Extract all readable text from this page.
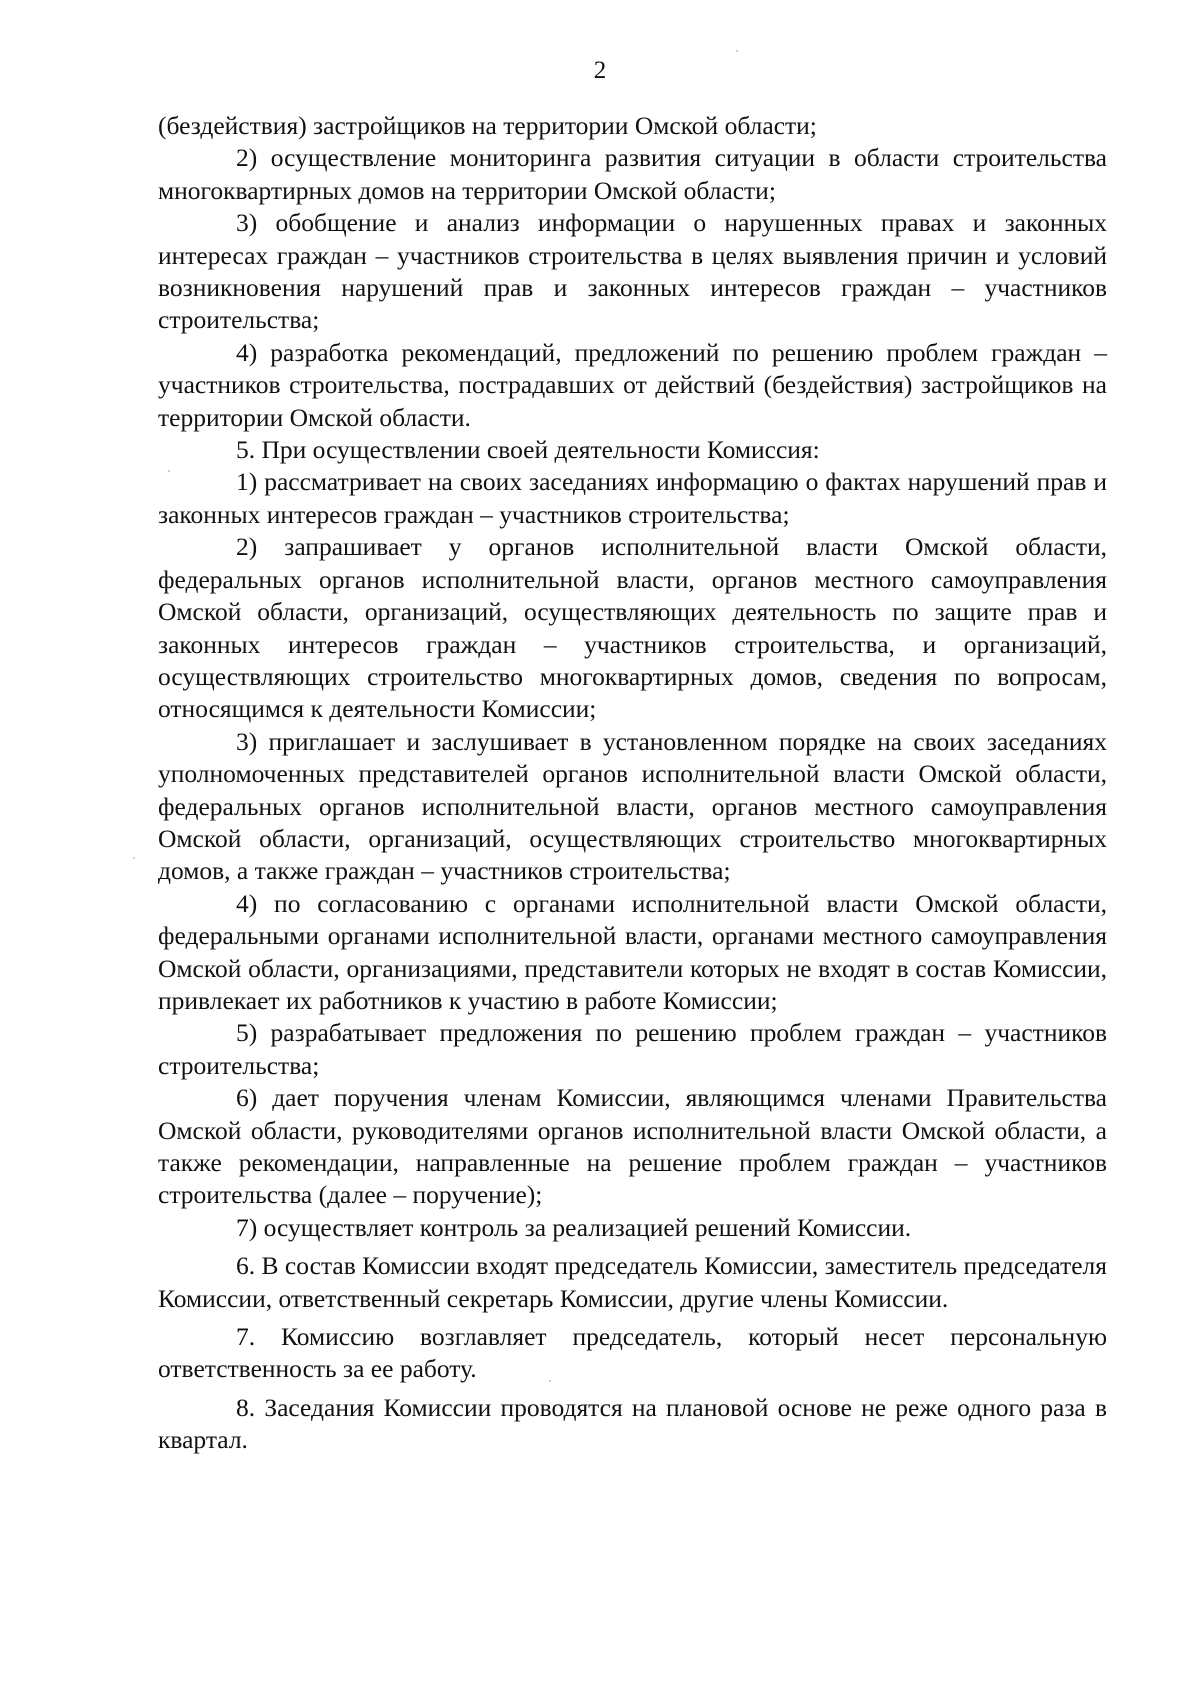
2

(бездействия) застройщиков на территории Омской области;

2) осуществление мониторинга развития ситуации в области строительства многоквартирных домов на территории Омской области;

3) обобщение и анализ информации о нарушенных правах и законных интересах граждан – участников строительства в целях выявления причин и условий возникновения нарушений прав и законных интересов граждан – участников строительства;

4) разработка рекомендаций, предложений по решению проблем граждан – участников строительства, пострадавших от действий (бездействия) застройщиков на территории Омской области.

5. При осуществлении своей деятельности Комиссия:

1) рассматривает на своих заседаниях информацию о фактах нарушений прав и законных интересов граждан – участников строительства;

2) запрашивает у органов исполнительной власти Омской области, федеральных органов исполнительной власти, органов местного самоуправления Омской области, организаций, осуществляющих деятельность по защите прав и законных интересов граждан – участников строительства, и организаций, осуществляющих строительство многоквартирных домов, сведения по вопросам, относящимся к деятельности Комиссии;

3) приглашает и заслушивает в установленном порядке на своих заседаниях уполномоченных представителей органов исполнительной власти Омской области, федеральных органов исполнительной власти, органов местного самоуправления Омской области, организаций, осуществляющих строительство многоквартирных домов, а также граждан – участников строительства;

4) по согласованию с органами исполнительной власти Омской области, федеральными органами исполнительной власти, органами местного самоуправления Омской области, организациями, представители которых не входят в состав Комиссии, привлекает их работников к участию в работе Комиссии;

5) разрабатывает предложения по решению проблем граждан – участников строительства;

6) дает поручения членам Комиссии, являющимся членами Правительства Омской области, руководителями органов исполнительной власти Омской области, а также рекомендации, направленные на решение проблем граждан – участников строительства (далее – поручение);

7) осуществляет контроль за реализацией решений Комиссии.

6. В состав Комиссии входят председатель Комиссии, заместитель председателя Комиссии, ответственный секретарь Комиссии, другие члены Комиссии.

7. Комиссию возглавляет председатель, который несет персональную ответственность за ее работу.

8. Заседания Комиссии проводятся на плановой основе не реже одного раза в квартал.
